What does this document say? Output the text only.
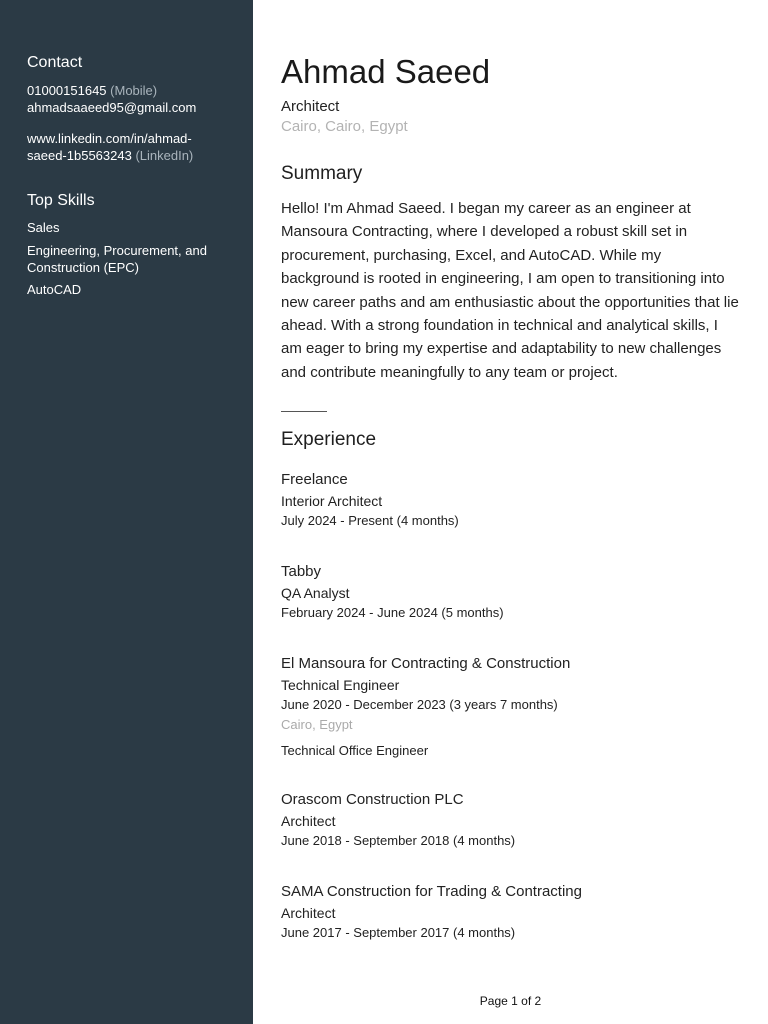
Contact
01000151645 (Mobile)
ahmadsaaeed95@gmail.com
www.linkedin.com/in/ahmad-
saeed-1b5563243 (LinkedIn)
Top Skills
Sales
Engineering, Procurement, and Construction (EPC)
AutoCAD
Ahmad Saeed
Architect
Cairo, Cairo, Egypt
Summary
Hello! I'm Ahmad Saeed. I began my career as an engineer at Mansoura Contracting, where I developed a robust skill set in procurement, purchasing, Excel, and AutoCAD. While my background is rooted in engineering, I am open to transitioning into new career paths and am enthusiastic about the opportunities that lie ahead. With a strong foundation in technical and analytical skills, I am eager to bring my expertise and adaptability to new challenges and contribute meaningfully to any team or project.
Experience
Freelance
Interior Architect
July 2024 - Present (4 months)
Tabby
QA Analyst
February 2024 - June 2024 (5 months)
El Mansoura for Contracting & Construction
Technical Engineer
June 2020 - December 2023 (3 years 7 months)
Cairo, Egypt
Technical Office Engineer
Orascom Construction PLC
Architect
June 2018 - September 2018 (4 months)
SAMA Construction for Trading & Contracting
Architect
June 2017 - September 2017 (4 months)
Page 1 of 2
